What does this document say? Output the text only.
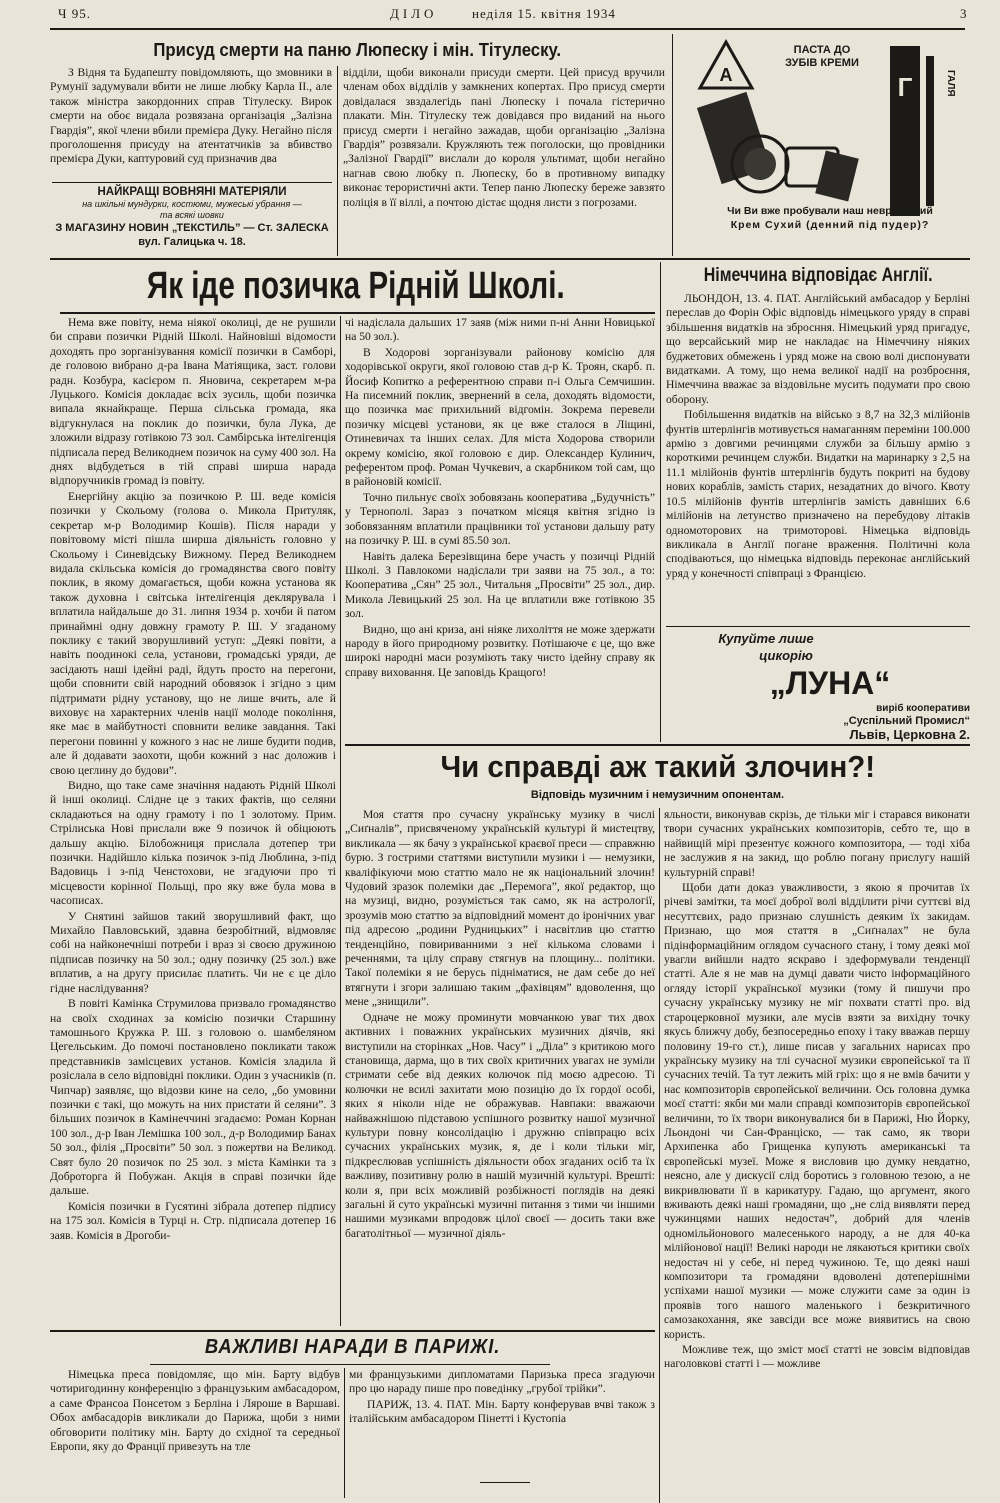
Ч 95.	ДІЛО	неділя 15. квітня 1934	3
Присуд смерти на паню Люпеску і мін. Тітулеску.

З Відня та Будапешту повідомляють, що змовники в Румунії задумували вбити не лише любку Карла II., але також міністра закордонних справ Тітулеску. Вирок смерти на обоє видала розвязана організація „Залізна Гвардія”, якої члени вбили премієра Дуку. Негайно після проголошення присуду на атентатчиків за вбивство премієра Дуки, каптуровий суд призначив два

відділи, щоби виконали присуди смерти. Цей присуд вручили членам обох відділів у замкнених копертах. Про присуд смерти довідалася звздалегідь пані Люпеску і почала гістерично плакати. Мін. Тітулеску теж довідався про виданий на нього присуд смерти і негайно зажадав, щоби організацію „Залізна Гвардія” розвязали. Кружляють теж поголоски, що провідники „Залізної Гвардії” вислали до короля ультимат, щоби негайно нагнав свою любку п. Люпеску, бо в противному випадку виконає терористичні акти. Тепер паню Люпеску береже завзято поліція в її віллі, а почтою дістає щодня листи з погрозами.

НАЙКРАЩІ ВОВНЯНІ МАТЕРІЯЛИ
на шкільні мундурки, костюми, мужеські убрання —
та всякі шовки
З МАГАЗИНУ НОВИН „ТЕКСТИЛЬ” — Ст. ЗАЛЕСКА
вул. Галицька ч. 18.
A	Г
ПАСТА ДО ЗУБІВ КРЕМИ
ГАЛЯ
Чи Ви вже пробували наш неврівняний
Крем Сухий (денний під пудер)?
Як іде позичка Рідній Школі.

Нема вже повіту, нема ніякої околиці, де не рушили би справи позички Рідній Школі. Найновіші відомости доходять про зорганізування комісії позички в Самборі, де головою вибрано д-ра Івана Матіящика, заст. голови радн. Козбура, касієром п. Яновича, секретарем м-ра Луцького. Комісія докладає всіх зусиль, щоби позичка випала якнайкраще. Перша сільська громада, яка відгукнулася на поклик до позички, була Лука, де зложили відразу готівкою 73 зол. Самбірська інтелігенція підписала перед Великоднем позичок на суму 400 зол. На днях відбудеться в тій справі ширша нарада відпоручників громад із повіту.

Енергійну акцію за позичкою Р. Ш. веде комісія позички у Скольому (голова о. Микола Притуляк, секретар м-р Володимир Кошів). Після наради у повітовому місті пішла ширша діяльність головно у Скольому і Синевідську Вижному. Перед Великоднем видала скільська комісія до громадянства свого повіту поклик, в якому домагається, щоби кожна установа як також духовна і світська інтелігенція деклярувала і вплатила найдальше до 31. липня 1934 р. хочби й патом принаймні одну довжну грамоту Р. Ш. У згаданому поклику є такий зворушливий уступ: „Деякі повіти, а навіть поодинокі села, установи, громадські уряди, де засідають наші ідейні раді, йдуть просто на перегони, щоби сповнити свій народний обовязок і згідно з цим підтримати рідну установу, що не лише вчить, але й виховує на характерних членів нації молоде покоління, яке має в майбутності сповнити велике завдання. Такі перегони повинні у кожного з нас не лише будити подив, але й додавати заохоти, щоби кожний з нас доложив і свою цеглину до будови”.

Видно, що таке саме значіння надають Рідній Школі й інші околиці. Слідне це з таких фактів, що селяни складаються на одну грамоту і по 1 золотому. Прим. Стрілиська Нові прислали вже 9 позичок й обіцюють дальшу акцію. Білобожниця прислала дотепер три позички. Надійшло кілька позичок з-під Люблина, з-під Вадовиць і з-під Ченстохови, не згадуючи про ті місцевости корінної Польщі, про яку вже була мова в часописах.

У Снятині зайшов такий зворушливий факт, що Михайло Павловський, здавна безробітний, відмовляє собі на найконечніші потреби і враз зі своєю дружиною підписав позичку на 50 зол.; одну позичку (25 зол.) вже вплатив, а на другу присилає платить. Чи не є це діло гідне наслідування?

В повіті Камінка Струмилова призвало громадянство на своїх сходинах за комісію позички Старшину тамошнього Кружка Р. Ш. з головою о. шамбеляном Цегельським. До помочі постановлено покликати також представників замісцевих установ. Комісія зладила й розіслала в село відповідні поклики. Один з учасників (п. Чипчар) заявляє, що відозви кине на село, „бо умовини позички є такі, що можуть на них пристати й селяни”. З більших позичок в Камінеччині згадаємо: Роман Корнан 100 зол., д-р Іван Лемішка 100 зол., д-р Володимир Банах 50 зол., філія „Просвіти” 50 зол. з пожертви на Великод. Свят було 20 позичок по 25 зол. з міста Камінки та з Доброторга й Побужан. Акція в справі позички йде дальше.

Комісія позички в Гусятині зібрала дотепер підпису на 175 зол. Комісія в Турці н. Стр. підписала дотепер 16 заяв. Комісія в Дрогоби-

чі надіслала дальших 17 заяв (між ними п-ні Анни Новицької на 50 зол.).

В Ходорові зорганізували районову комісію для ходорівської округи, якої головою став д-р К. Троян, скарб. п. Йосиф Копитко а референтною справи п-і Ольга Семчишин. На писемний поклик, звернений в села, доходять відомости, що позичка має прихильний відгомін. Зокрема перевели позичку місцеві установи, як це вже сталося в Ліщині, Отиневичах та інших селах. Для міста Ходорова створили окрему комісію, якої головою є дир. Олександер Кулинич, референтом проф. Роман Чучкевич, а скарбником той сам, що в районовій комісії.

Точно пильнує своїх зобовязань кооператива „Будучність” у Тернополі. Зараз з початком місяця квітня згідно із зобовязанням вплатили працівники тої установи дальшу рату на позичку Р. Ш. в сумі 85.50 зол.

Навіть далека Березівщина бере участь у позичці Рідній Школі. З Павлокоми надіслали три заяви на 75 зол., а то: Кооператива „Сян” 25 зол., Читальня „Просвіти” 25 зол., дир. Микола Левицький 25 зол. На це вплатили вже готівкою 35 зол.

Видно, що ані криза, ані ніяке лихоліття не може здержати народу в його природному розвитку. Потішаюче є це, що вже широкі народні маси розуміють таку чисто ідейну справу як справу виховання. Це заповідь Кращого!

Німеччина відповідає Англії.

ЛЬОНДОН, 13. 4. ПАТ. Англійський амбасадор у Берліні переслав до Форін Офіс відповідь німецького уряду в справі збільшення видатків на збросння. Німецький уряд пригадує, що версайський мир не накладає на Німеччину ніяких буджетових обмежень і уряд може на свою волі диспонувати видатками. А тому, що нема великої надії на розброєння, Німеччина вважає за віздовільне мусить подумати про свою оборону.

Побільшення видатків на військо з 8,7 на 32,3 мілійонів фунтів штерлінгів мотивується намаганням переміни 100.000 армію з довгими речинцями служби за більшу армію з короткими речинцем служби. Видатки на маринарку з 2,5 на 11.1 мілійонів фунтів штерлінгів будуть покриті на будову нових кораблів, замість старих, незадатних до вічого. Квоту 10.5 мілійонів фунтів штерлінгів замість давніших 6.6 мілійонів на летунство призначено на перебудову літаків одномоторових на тримоторові. Німецька відповідь викликала в Англії погане враження. Політичні кола сподіваються, що німецька відповідь переконає англійський уряд у конечності співпраці з Францією.

Купуйте лише
цикорію
„ЛУНА“
виріб кооперативи
„Суспільний Промисл“
Львів, Церковна 2.
Чи справді аж такий злочин?!
Відповідь музичним і немузичним опонентам.

Моя стаття про сучасну українську музику в числі „Сиґналів”, присвяченому українській культурі й мистецтву, викликала — як бачу з української краєвої преси — справжню бурю. З гострими статтями виступили музики і — немузики, кваліфікуючи мою статтю мало не як національний злочин! Чудовий зразок полеміки дає „Перемога”, якої редактор, що на музиці, видно, розуміється так само, як на астрології, зрозумів мою статтю за відповідний момент до іронічних уваг під адресою „родини Рудницьких” і насвітлив цю статтю тенденційно, повириванними з неї кількома словами і реченнями, та цілу справу стягнув на площину... політики. Такої полеміки я не берусь підніматися, не дам себе до неї втягнути і згори залишаю таким „фахівцям” вдоволення, що мене „знищили”.

Одначе не можу проминути мовчанкою уваг тих двох активних і поважних українських музичних діячів, які виступили на сторінках „Нов. Часу” і „Діла” з критикою мого становища, дарма, що в тих своїх критичних увагах не зуміли стримати себе від деяких колючок під моєю адресою. Ті колючки не всилі захитати мою позицію до їх гордої особі, яких я ніколи ніде не ображував. Навпаки: вважаючи найважнішою підставою успішного розвитку нашої музичної культури повну консолідацію і дружню співпрацю всіх сучасних українських музик, я, де і коли тільки міг, підкреслював успішність діяльности обох згаданих осіб та їх важливу, позитивну ролю в нашій музичній культурі. Врешті: коли я, при всіх можливій розбіжності поглядів на деякі загальні й суто українські музичні питання з тими чи іншими нашими музиками впродовж цілої своєї — досить таки вже багатолітньої — музичної діяль-

яльности, виконував скрізь, де тільки міг і старався виконати твори сучасних українських композиторів, себто те, що в найвищій мірі презентує кожного композитора, — тоді хіба не заслужив я на закид, що роблю погану прислугу нашій культурній справі!

Щоби дати доказ уважливости, з якою я прочитав їх річеві замітки, та моєї доброї волі відділити річи суттєві від несуттєвих, радо признаю слушність деяким їх закидам. Признаю, що моя стаття в „Сиґналах” не була підінформаційним оглядом сучасного стану, і тому деякі мої увагли вийшли надто яскраво і здеформували тенденції статті. Але я не мав на думці давати чисто інформаційного огляду історії української музики (тому й пишучи про сучасну українську музику не міг похвати статті про. від староцерковної музики, але мусів взяти за вихідну точку якусь ближчу добу, безпосередньо епоху і таку вважав першу половину 19-го ст.), лише писав у загальних нарисах про українську музику на тлі сучасної музики європейської та її сучасних течій. Та тут лежить мій гріх: що я не вмів бачити у нас композиторів європейської величини. Ось головна думка моєї статті: якби ми мали справді композиторів європейської величини, то їх твори виконувалися би в Парижі, Ню Йорку, Льондоні чи Сан-Франціско, — так само, як твори Архипенка або Грищенка купують американські та європейські музеї. Може я висловив цю думку невдатно, неясно, але у дискусії слід боротись з головною тезою, а не викривлювати її в карикатуру. Гадаю, що аргумент, якого вживають деякі наші громадяни, що „не слід виявляти перед чужинцями наших недостач”, добрий для членів одномільйонового малесенького народу, а не для 40-ка мілійонової нації! Великі народи не лякаються критики своїх недостач ні у себе, ні перед чужиною. Те, що деякі наші композитори та громадяни вдоволені дотеперішніми успіхами нашої музики — може служити саме за один із проявів того нашого маленького і безкритичного самозакохання, яке завсіди все може виявитись на свою користь.

Можливе теж, що зміст моєї статті не зовсім відповідав наголовкові статті і — можливе

ВАЖЛИВІ НАРАДИ В ПАРИЖІ.

Німецька преса повідомляє, що мін. Барту відбув чотиригодинну конференцію з французьким амбасадором, а саме Франсоа Понсетом з Берліна і Ляроше в Варшаві. Обох амбасадорів викликали до Парижа, щоби з ними обговорити політику мін. Барту до східної та середньої Европи, яку до Франції привезуть на тле

ми французькими дипломатами Паризька преса згадуючи про цю нараду пише про поведінку „грубої трійки”.

ПАРИЖ, 13. 4. ПАТ. Мін. Барту конферував вчві також з італійським амбасадором Пінетті і Кустопіа
